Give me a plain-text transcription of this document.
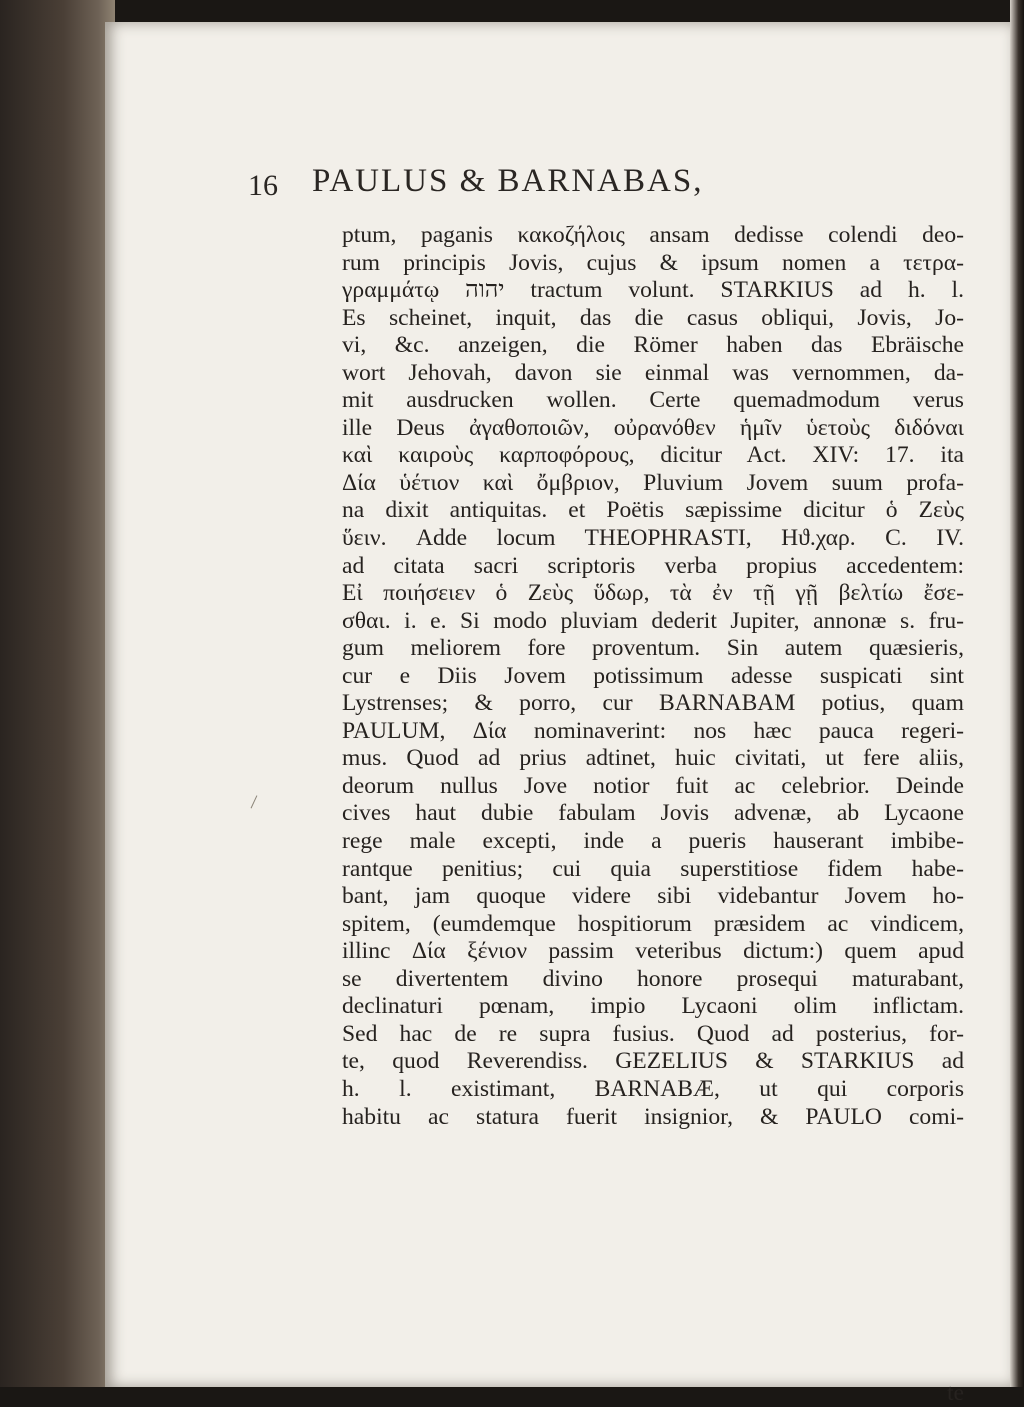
16 PAULUS & BARNABAS,
ptum, paganis κακοζήλοις ansam dedisse colendi deo-
rum principis Jovis, cujus & ipsum nomen a τετρα-
γραμμάτῳ יהוה tractum volunt. STARKIUS ad h. l.
Es scheinet, inquit, das die casus obliqui, Jovis, Jo-
vi, &c. anzeigen, die Römer haben das Ebräische
wort Jehovah, davon sie einmal was vernommen, da-
mit ausdrucken wollen. Certe quemadmodum verus
ille Deus ἀγαθοποιῶν, οὐρανόθεν ἡμῖν ὑετοὺς διδόναι
καὶ καιροὺς καρποφόρους, dicitur Act. XIV: 17. ita
Δία ὑέτιον καὶ ὄμβριον, Pluvium Jovem suum profa-
na dixit antiquitas. et Poëtis sæpissime dicitur ὁ Ζεὺς
ὕειν. Adde locum THEOPHRASTI, Hϑ.χαρ. C. IV.
ad citata sacri scriptoris verba propius accedentem:
Εἰ ποιήσειεν ὁ Ζεὺς ὕδωρ, τὰ ἐν τῇ γῇ βελτίω ἔσε-
σθαι. i. e. Si modo pluviam dederit Jupiter, annonæ s. fru-
gum meliorem fore proventum. Sin autem quæsieris,
cur e Diis Jovem potissimum adesse suspicati sint
Lystrenses; & porro, cur BARNABAM potius, quam
PAULUM, Δία nominaverint: nos hæc pauca regeri-
mus. Quod ad prius adtinet, huic civitati, ut fere aliis,
deorum nullus Jove notior fuit ac celebrior. Deinde
cives haut dubie fabulam Jovis advenæ, ab Lycaone
rege male excepti, inde a pueris hauserant imbibe-
rantque penitius; cui quia superstitiose fidem habe-
bant, jam quoque videre sibi videbantur Jovem ho-
spitem, (eumdemque hospitiorum præsidem ac vindicem,
illinc Δία ξένιον passim veteribus dictum:) quem apud
se divertentem divino honore prosequi maturabant,
declinaturi pœnam, impio Lycaoni olim inflictam.
Sed hac de re supra fusius. Quod ad posterius, for-
te, quod Reverendiss. GEZELIUS & STARKIUS ad
h. l. existimant, BARNABÆ, ut qui corporis
habitu ac statura fuerit insignior, & PAULO comi-
te
